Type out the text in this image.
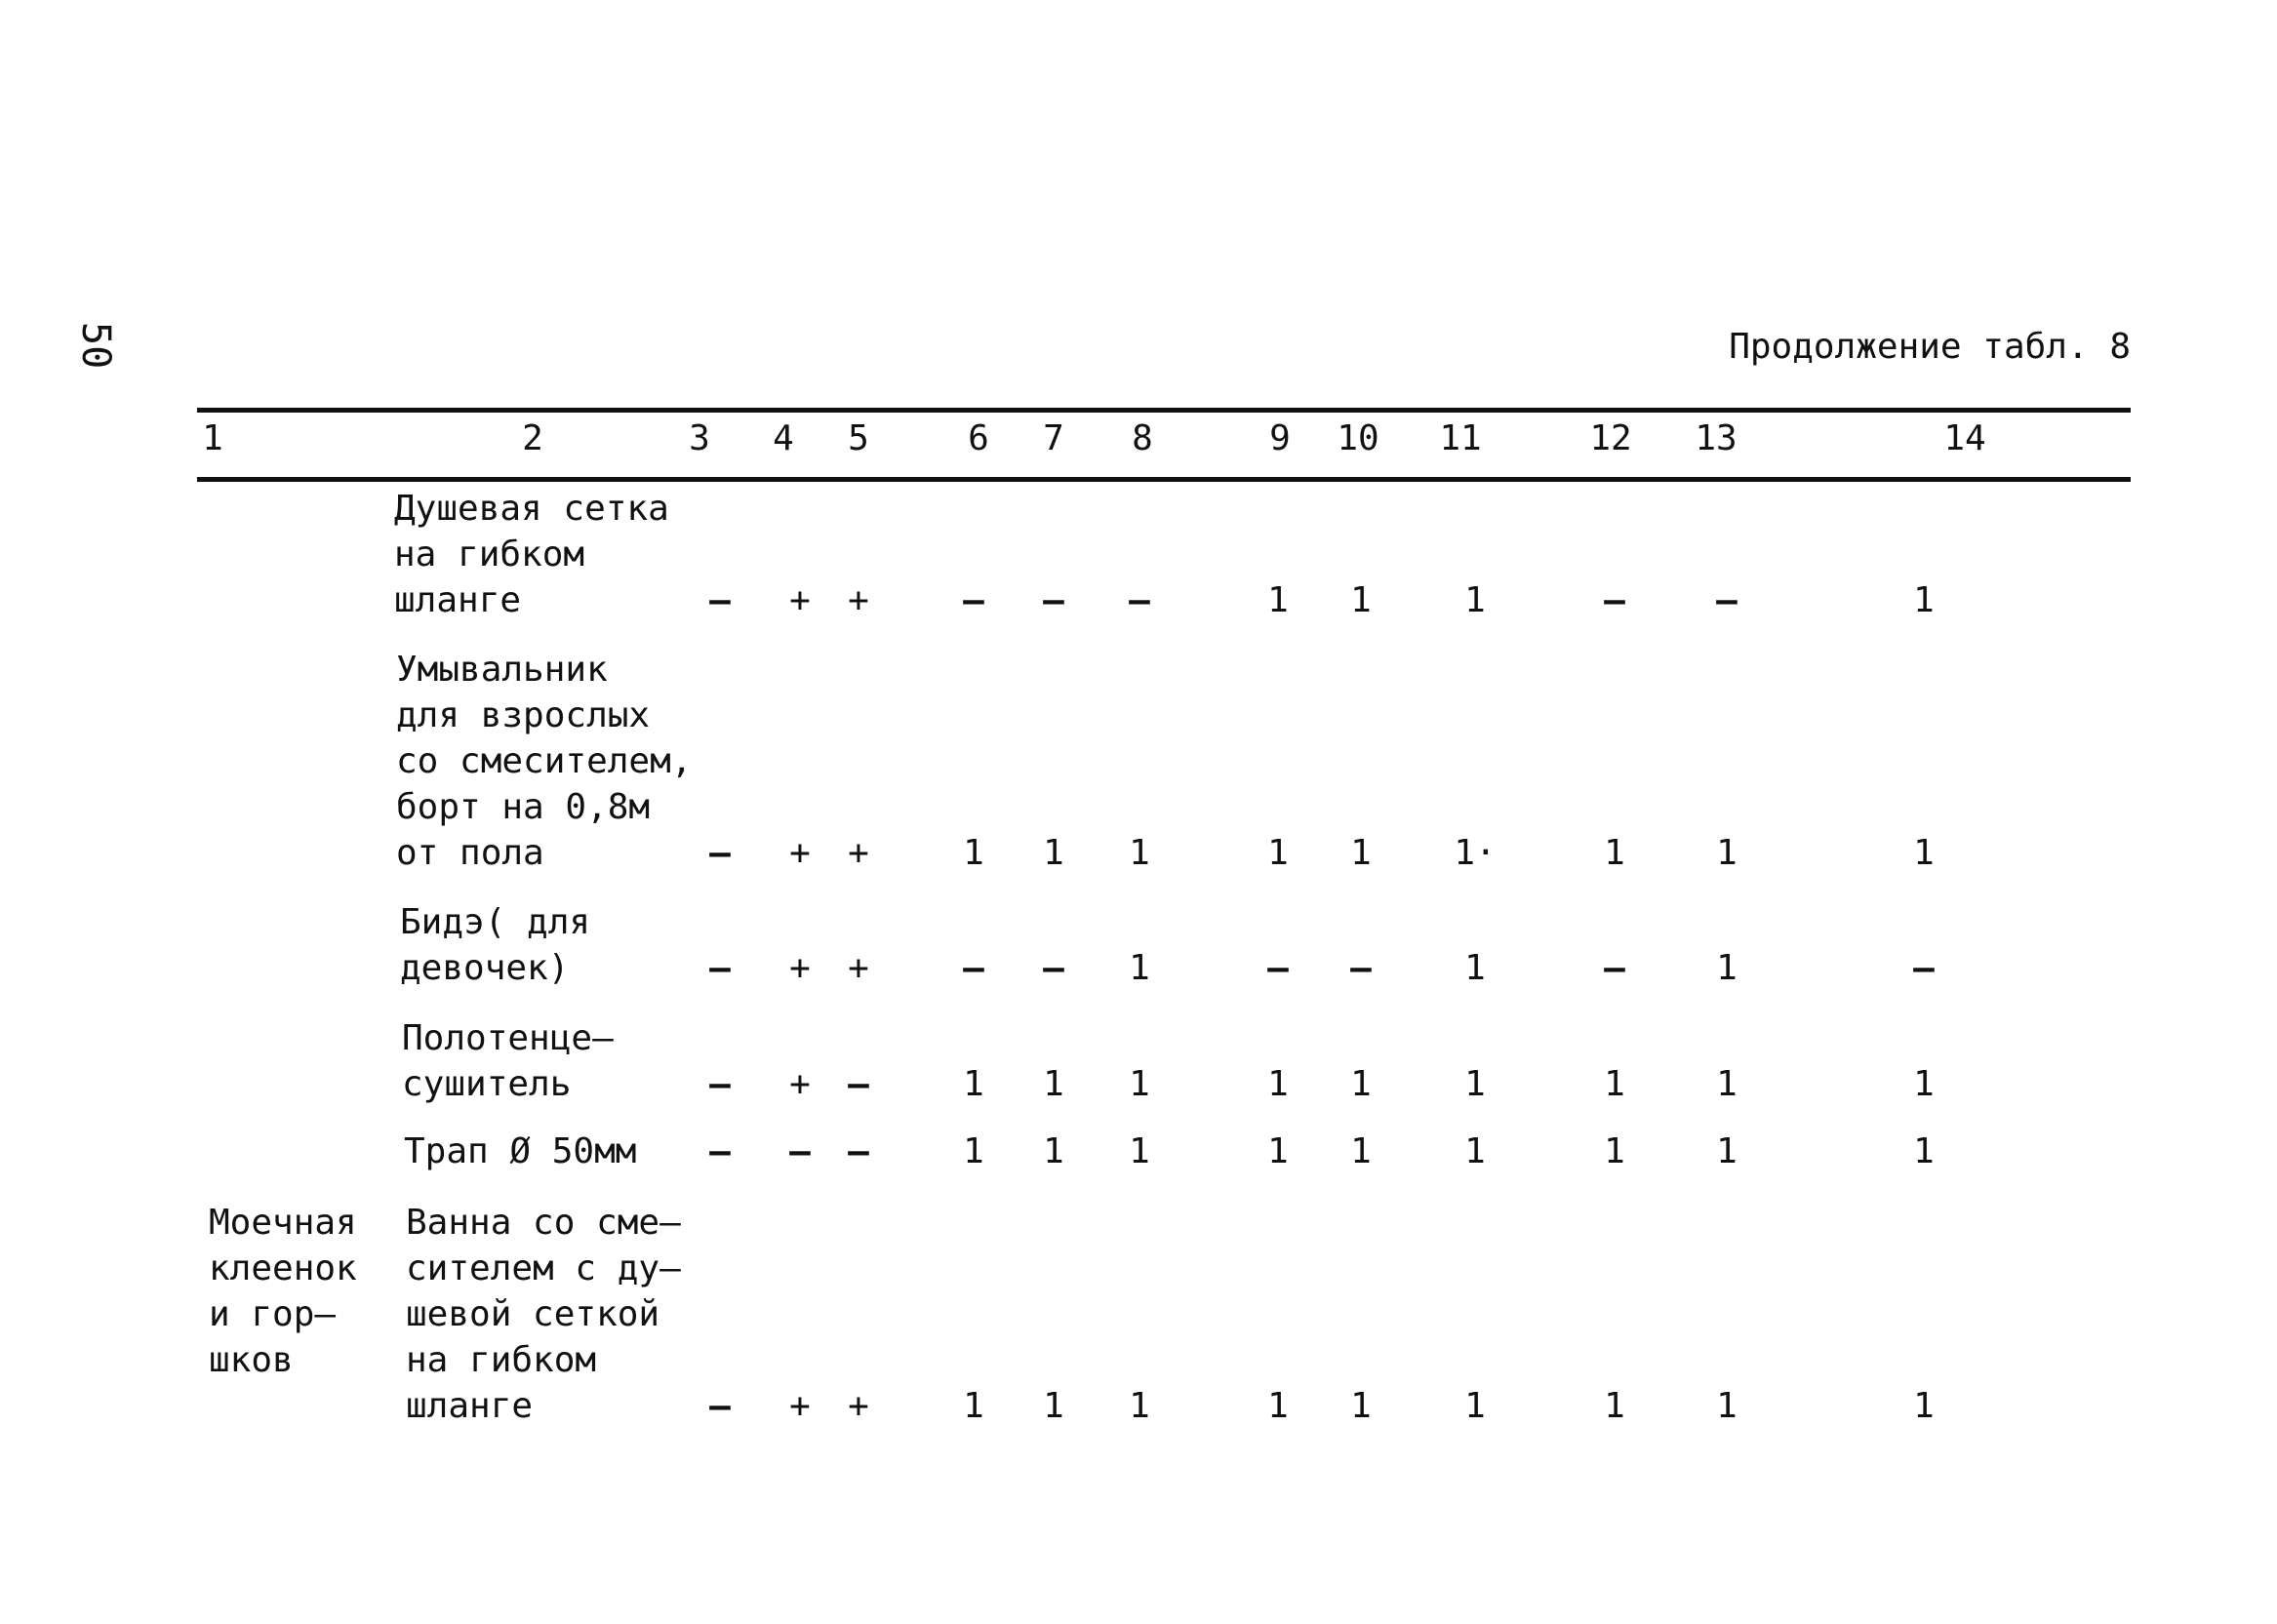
50	Продолжение табл. 8
1	2	3 4 5	6 7 8	9 10 11	12 13	14
Душевая сетка
на гибком
шланге	– + +	– – –	1 1	1	–	–	1
Умывальник
для взрослых
со смесителем,
борт на 0,8м
от пола	– + +	1 1 1	1 1 1·	1	1	1
Бидэ( для
девочек)	– + +	– – 1	– –	1	–	1	–
Полотенце–
сушитель	– + –	1 1 1	1 1	1	1	1	1
Трап Ø 50мм – – –	1 1 1	1 1	1	1	1	1
Моечная
клеенок
и гор–
шков
Ванна со сме–
сителем с ду–
шевой сеткой
на гибком
шланге	– + +	1 1 1	1 1	1	1	1	1
